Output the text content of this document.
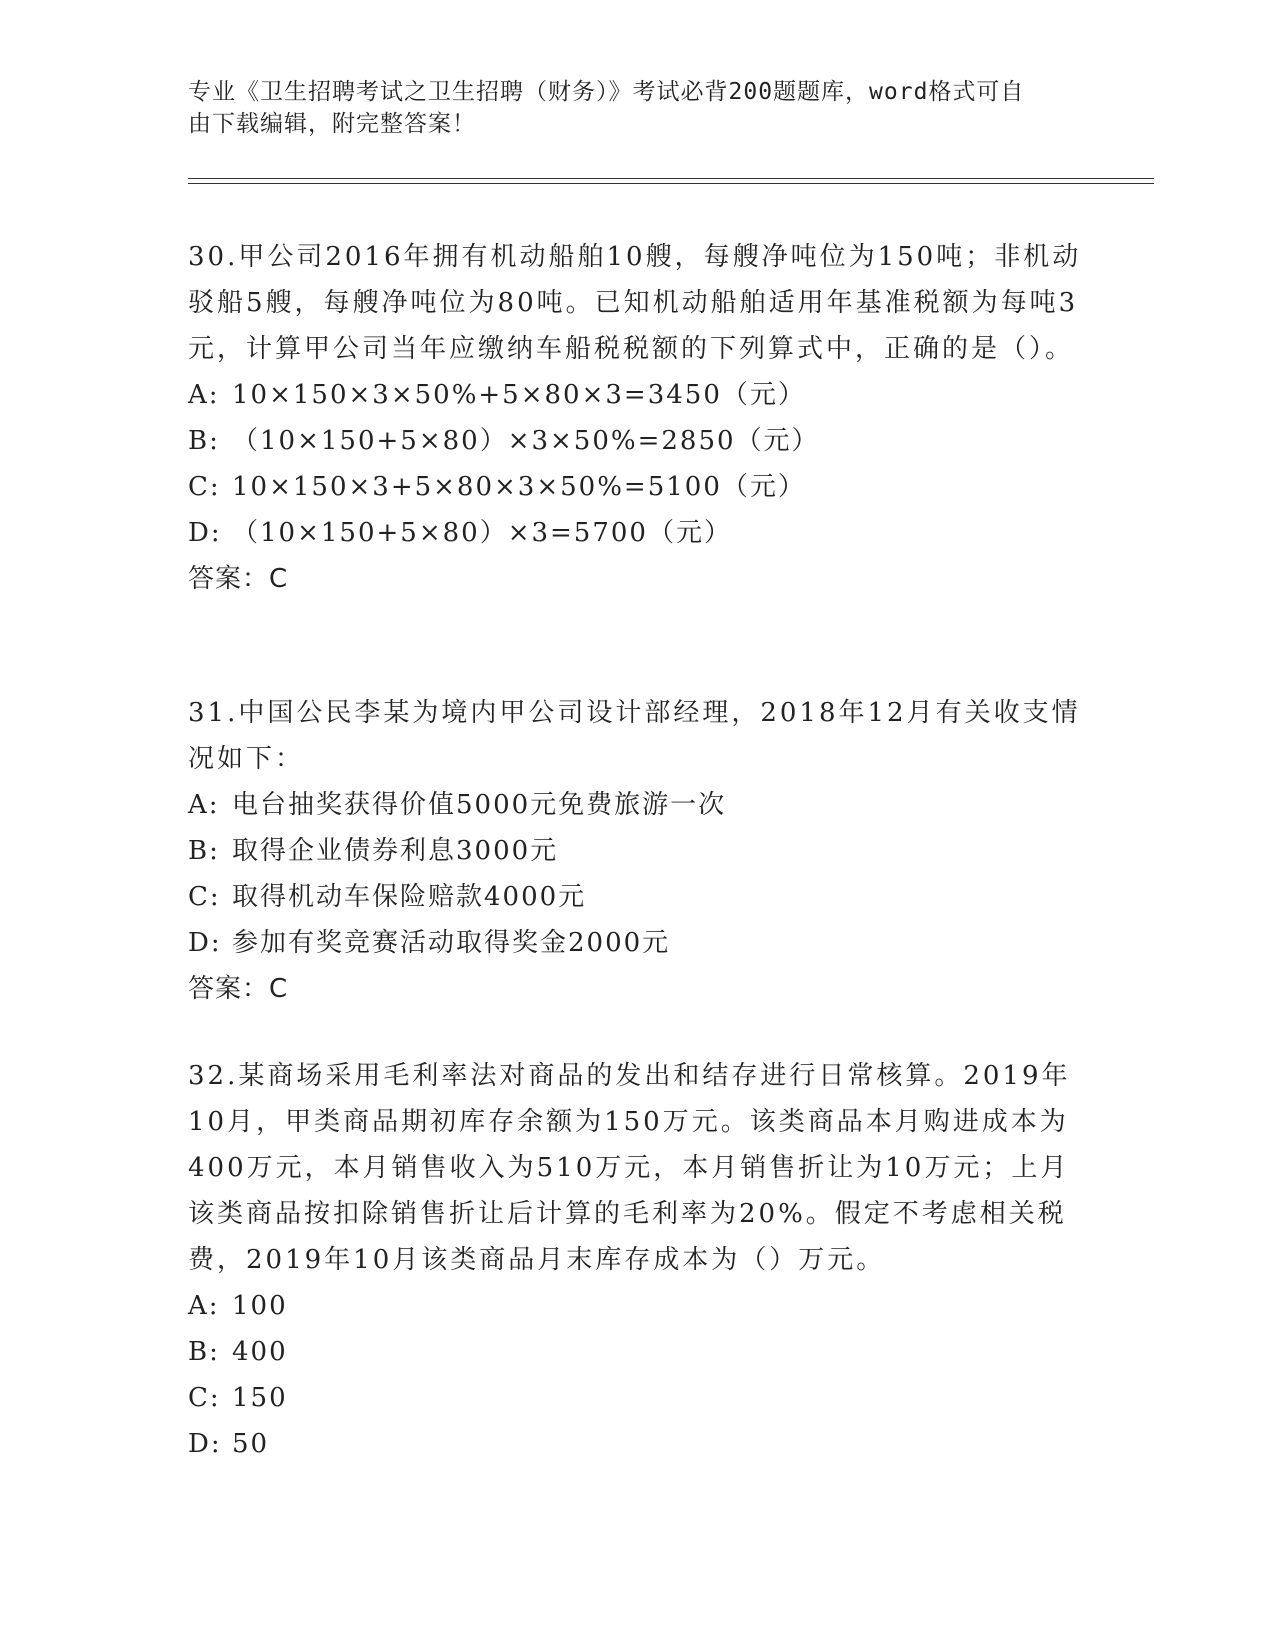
专业《卫生招聘考试之卫生招聘（财务）》考试必背200题题库，word格式可自
由下载编辑，附完整答案！

30.甲公司2016年拥有机动船舶10艘，每艘净吨位为150吨；非机动驳船5艘，每艘净吨位为80吨。已知机动船舶适用年基准税额为每吨3元，计算甲公司当年应缴纳车船税税额的下列算式中，正确的是（）。

A: 10×150×3×50%+5×80×3=3450（元）

B: （10×150+5×80）×3×50%=2850（元）

C: 10×150×3+5×80×3×50%=5100（元）

D: （10×150+5×80）×3=5700（元）

答案：C

31.中国公民李某为境内甲公司设计部经理，2018年12月有关收支情况如下：

A: 电台抽奖获得价值5000元免费旅游一次

B: 取得企业债券利息3000元

C: 取得机动车保险赔款4000元

D: 参加有奖竞赛活动取得奖金2000元

答案：C

32.某商场采用毛利率法对商品的发出和结存进行日常核算。2019年10月，甲类商品期初库存余额为150万元。该类商品本月购进成本为400万元，本月销售收入为510万元，本月销售折让为10万元；上月该类商品按扣除销售折让后计算的毛利率为20%。假定不考虑相关税费，2019年10月该类商品月末库存成本为（）万元。

A: 100

B: 400

C: 150

D: 50
